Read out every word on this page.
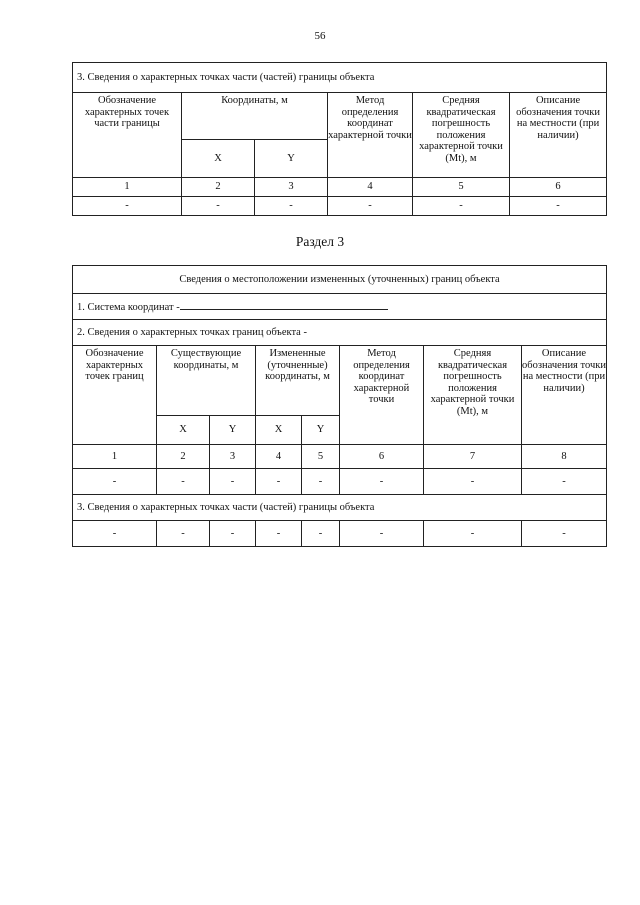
56
3. Сведения о характерных точках части (частей) границы объекта					
Обозначение характерных точек части границы	Координаты, м		Метод определения координат характерной точки	Средняя квадратическая погрешность положения характерной точки (Mt), м	Описание обозначения точки на местности (при наличии)
	X	Y			
1	2	3	4	5	6
-	-	-	-	-	-
Раздел 3
Сведения о местоположении измененных (уточненных) границ объекта							
1. Система координат -							
2. Сведения о характерных точках границ объекта -							
Обозначение характерных точек границ	Существующие координаты, м		Измененные (уточненные) координаты, м		Метод определения координат характерной точки	Средняя квадратическая погрешность положения характерной точки (Mt), м	Описание обозначения точки на местности (при наличии)
	X	Y	X	Y			
1	2	3	4	5	6	7	8
-	-	-	-	-	-	-	-
3. Сведения о характерных точках части (частей) границы объекта							
-	-	-	-	-	-	-	-
